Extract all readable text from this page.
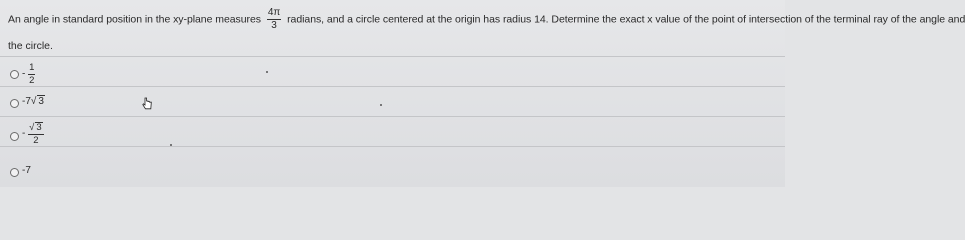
An angle in standard position in the xy-plane measures $\frac{4\pi}{3}$ radians, and a circle centered at the origin has radius 14. Determine the exact x value of the point of intersection of the terminal ray of the angle and
the circle.
- $\frac{1}{2}$
-7√ 3
- $\frac{√ 3}{2}$
-7
